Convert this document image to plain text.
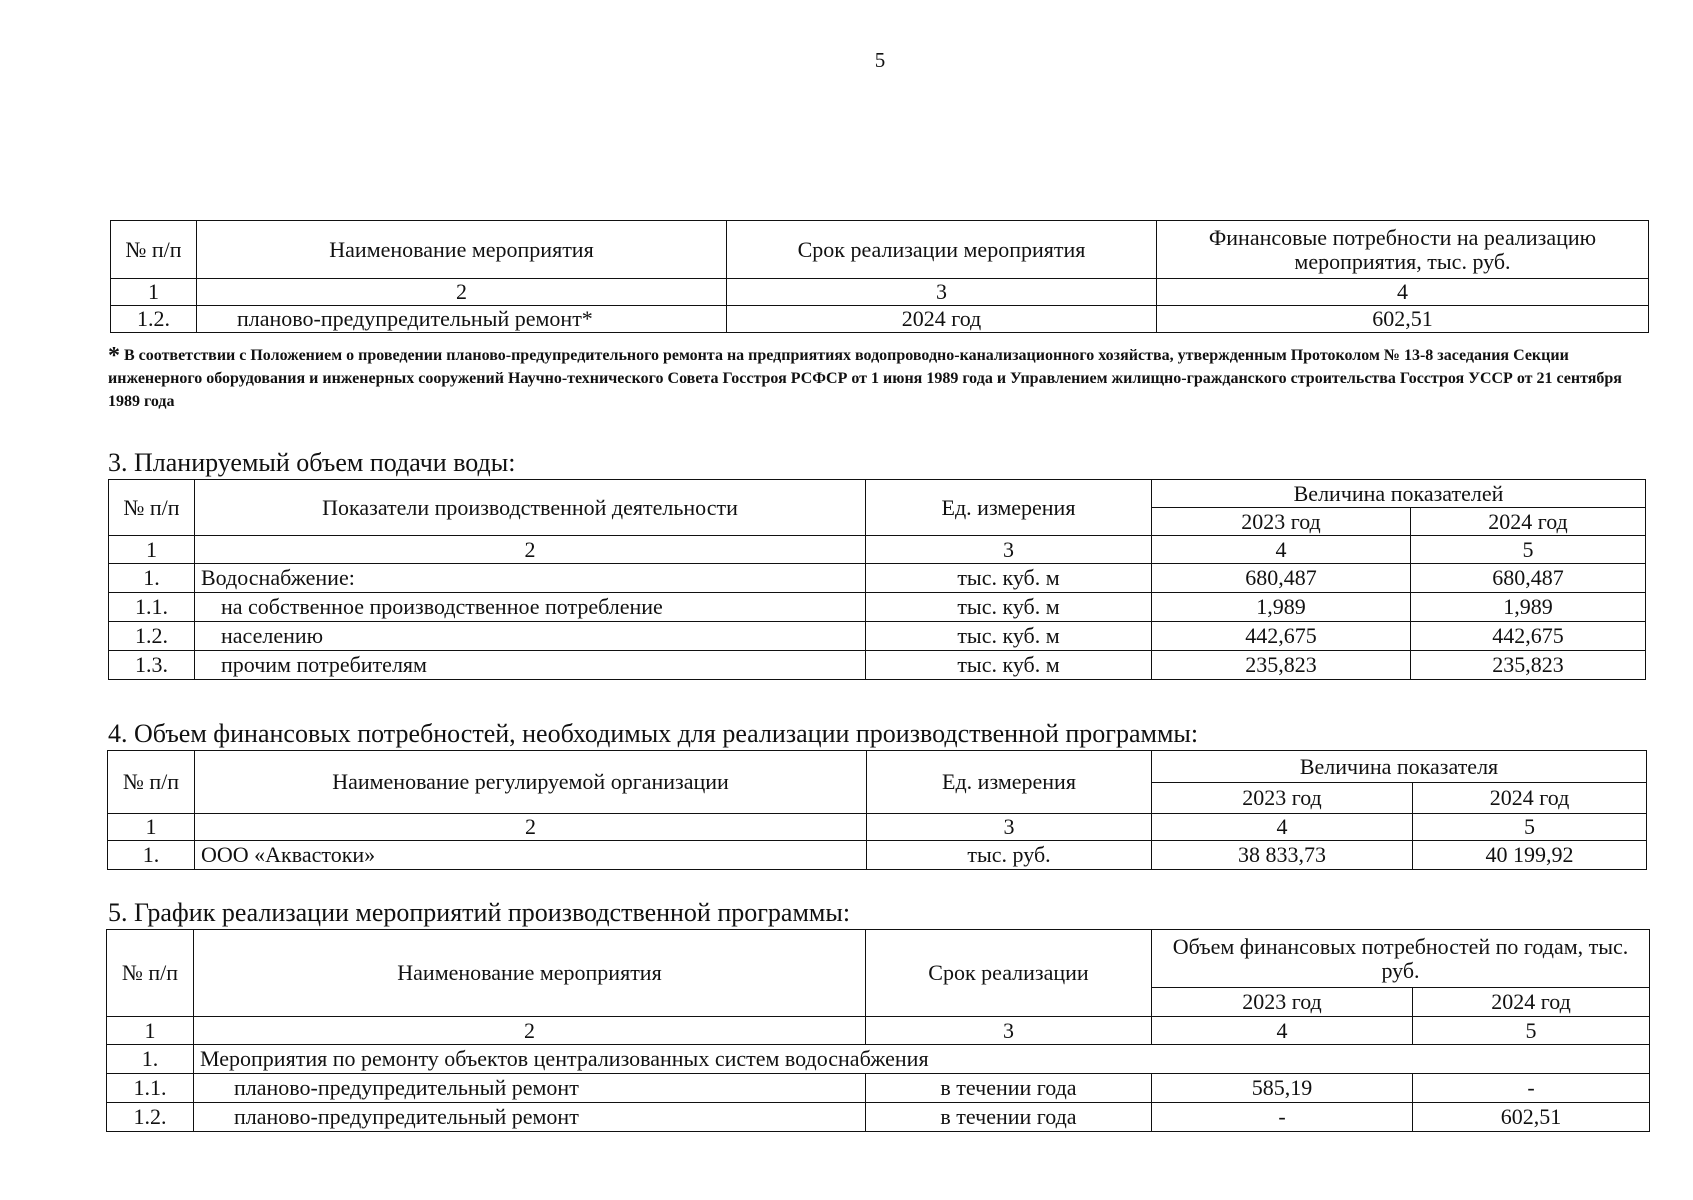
5
№ п/п	Наименование мероприятия	Срок реализации мероприятия	Финансовые потребности на реализацию мероприятия, тыс. руб.
1	2	3	4
1.2.	планово-предупредительный ремонт*	2024 год	602,51
* В соответствии с Положением о проведении планово-предупредительного ремонта на предприятиях водопроводно-канализационного хозяйства, утвержденным Протоколом № 13-8 заседания Секции инженерного оборудования и инженерных сооружений Научно-технического Совета Госстроя РСФСР от 1 июня 1989 года и Управлением жилищно-гражданского строительства Госстроя УССР от 21 сентября 1989 года
3. Планируемый объем подачи воды:
№ п/п	Показатели производственной деятельности	Ед. измерения	Величина показателей	
			2023 год	2024 год
1	2	3	4	5
1.	Водоснабжение:	тыс. куб. м	680,487	680,487
1.1.	на собственное производственное потребление	тыс. куб. м	1,989	1,989
1.2.	населению	тыс. куб. м	442,675	442,675
1.3.	прочим потребителям	тыс. куб. м	235,823	235,823
4. Объем финансовых потребностей, необходимых для реализации производственной программы:
№ п/п	Наименование регулируемой организации	Ед. измерения	Величина показателя	
			2023 год	2024 год
1	2	3	4	5
1.	ООО «Аквастоки»	тыс. руб.	38 833,73	40 199,92
5. График реализации мероприятий производственной программы:
№ п/п	Наименование мероприятия	Срок реализации	Объем финансовых потребностей по годам, тыс. руб.	
			2023 год	2024 год
1	2	3	4	5
1.	Мероприятия по ремонту объектов централизованных систем водоснабжения			
1.1.	планово-предупредительный ремонт	в течении года	585,19	-
1.2.	планово-предупредительный ремонт	в течении года	-	602,51
